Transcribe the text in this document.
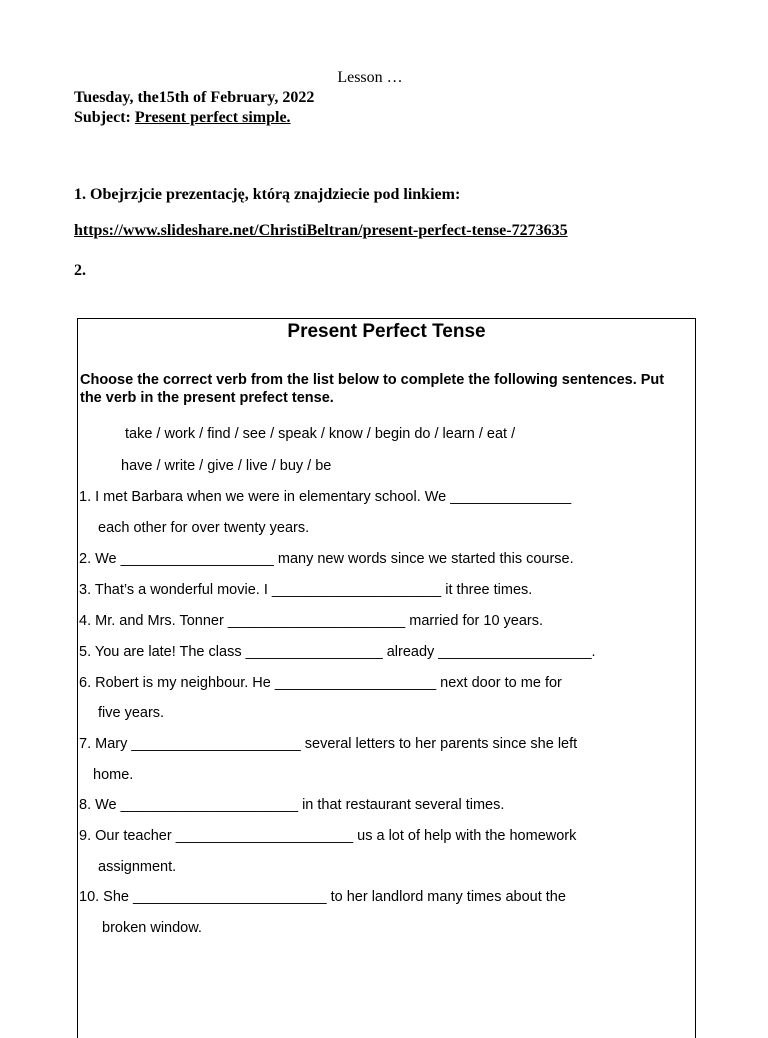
Lesson …
Tuesday, the15th of February, 2022
Subject: Present perfect simple.
1. Obejrzjcie prezentację, którą znajdziecie pod linkiem:
https://www.slideshare.net/ChristiBeltran/present-perfect-tense-7273635
2.
Present Perfect Tense
Choose the correct verb from the list below to complete the following sentences. Put the verb in the present prefect tense.
take / work / find / see / speak / know / begin do / learn / eat /
have / write / give / live / buy / be
1. I met Barbara when we were in elementary school. We _______________
each other for over twenty years.
2. We ___________________ many new words since we started this course.
3. That’s a wonderful movie. I _____________________ it three times.
4. Mr. and Mrs. Tonner ______________________ married for 10 years.
5. You are late! The class _________________ already ___________________.
6. Robert is my neighbour. He ____________________ next door to me for
five years.
7. Mary _____________________ several letters to her parents since she left
home.
8. We ______________________ in that restaurant several times.
9. Our teacher ______________________ us a lot of help with the homework
assignment.
10. She ________________________ to her landlord many times about the
broken window.
